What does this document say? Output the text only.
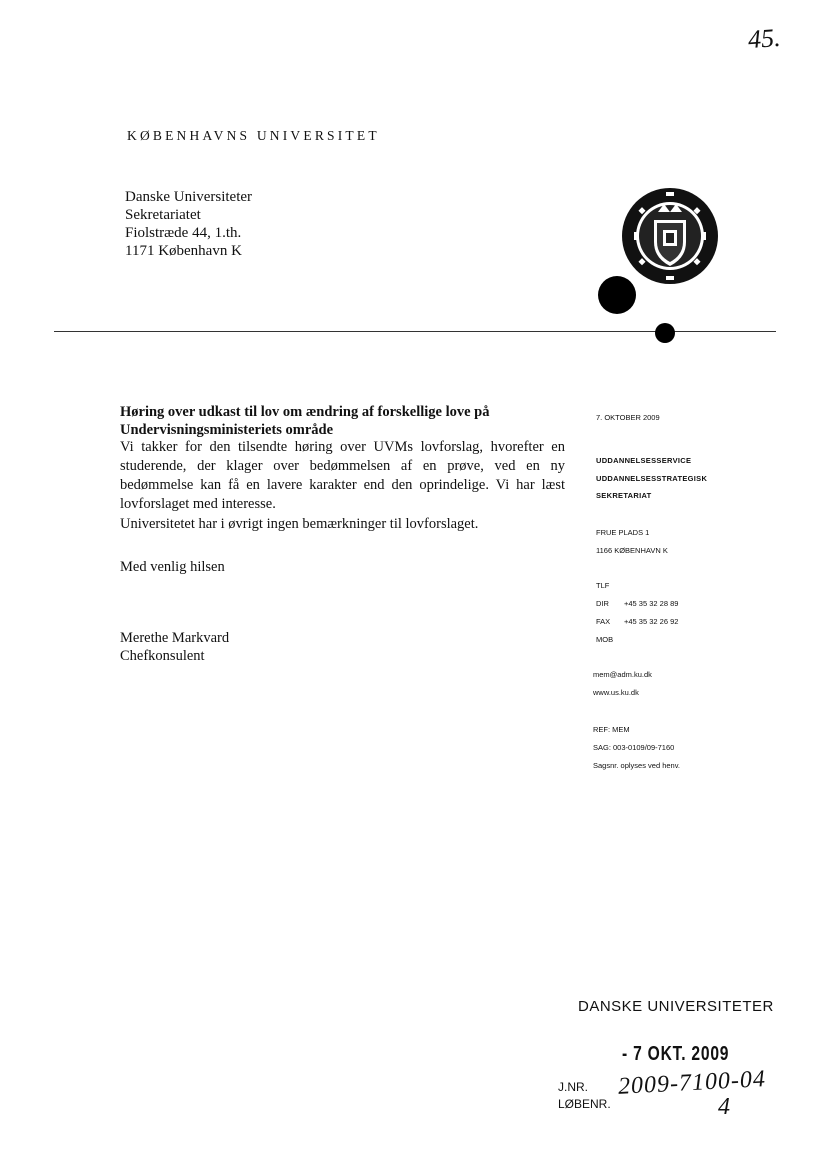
45.
KØBENHAVNS UNIVERSITET
Danske Universiteter
Sekretariatet
Fiolstræde 44, 1.th.
1171 København K
Høring over udkast til lov om ændring af forskellige love på Undervisningsministeriets område
Vi takker for den tilsendte høring over UVMs lovforslag, hvorefter en studerende, der klager over bedømmelsen af en prøve, ved en ny bedømmelse kan få en lavere karakter end den oprindelige. Vi har læst lovforslaget med interesse.
Universitetet har i øvrigt ingen bemærkninger til lovforslaget.
Med venlig hilsen
Merethe Markvard
Chefkonsulent
7. OKTOBER 2009
UDDANNELSESSERVICE
UDDANNELSESSTRATEGISK
SEKRETARIAT
FRUE PLADS 1
1166 KØBENHAVN K
TLF
DIR +45 35 32 28 89
FAX +45 35 32 26 92
MOB
mem@adm.ku.dk
www.us.ku.dk
REF: MEM
SAG: 003-0109/09-7160
Sagsnr. oplyses ved henv.
DANSKE UNIVERSITETER
- 7 OKT. 2009
J.NR.
LØBENR.
2009-7100-04
4
